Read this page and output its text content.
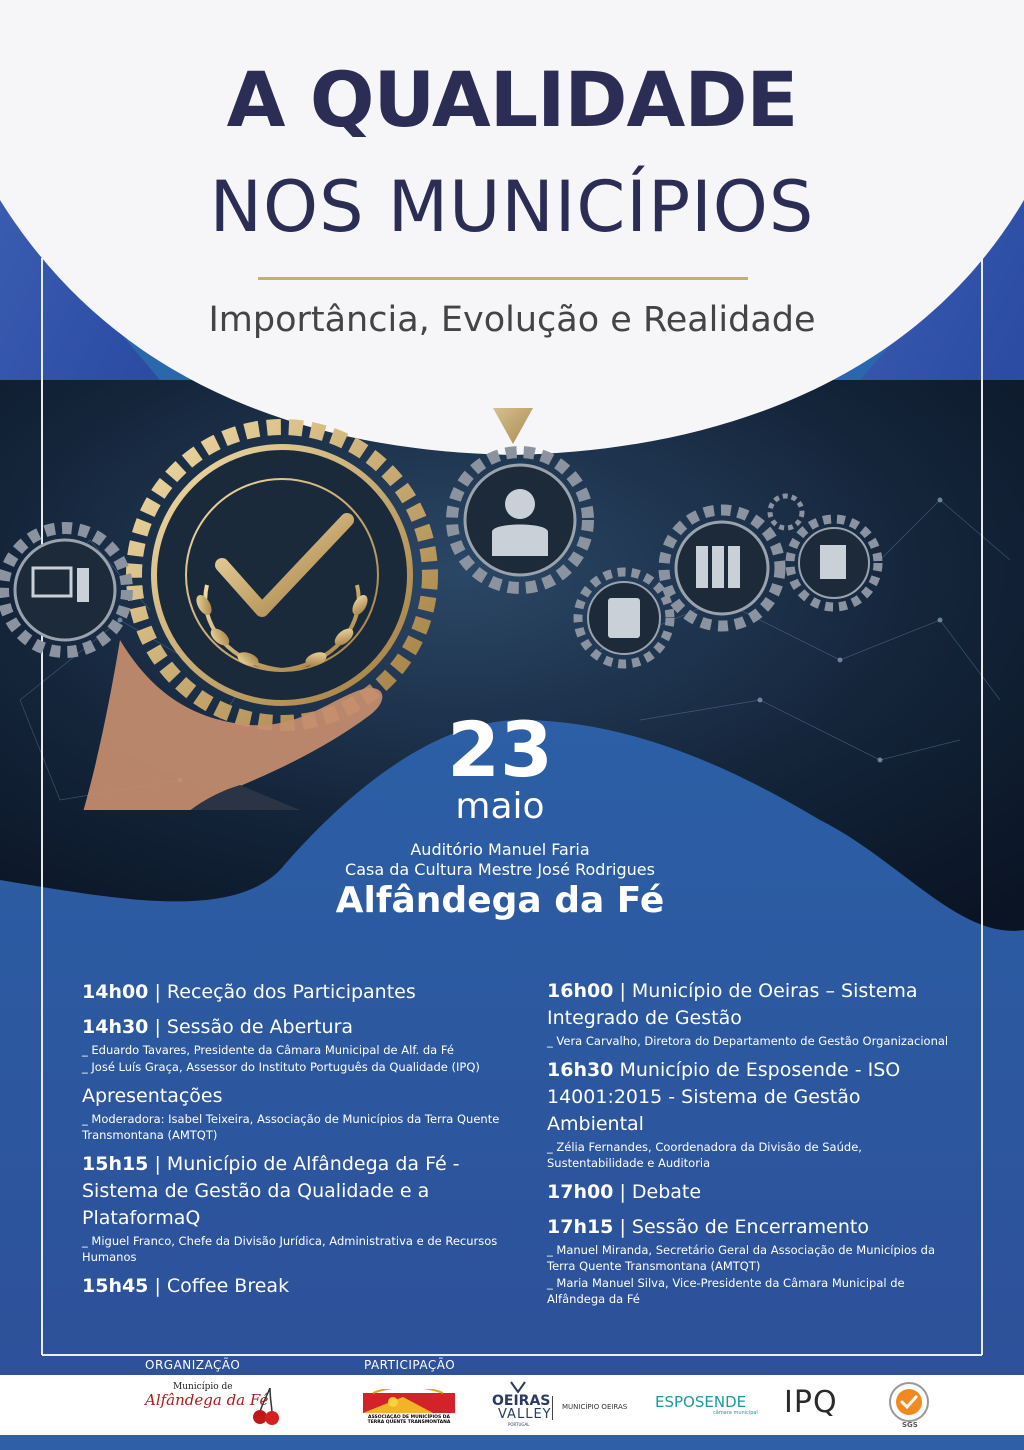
A QUALIDADE
NOS MUNICÍPIOS
Importância, Evolução e Realidade
23
maio
Auditório Manuel Faria
Casa da Cultura Mestre José Rodrigues
Alfândega da Fé
14h00 | Receção dos Participantes
14h30 | Sessão de Abertura
_ Eduardo Tavares, Presidente da Câmara Municipal de Alf. da Fé
_ José Luís Graça, Assessor do Instituto Português da Qualidade (IPQ)
Apresentações
_ Moderadora: Isabel Teixeira, Associação de Municípios da Terra Quente Transmontana (AMTQT)
15h15 | Município de Alfândega da Fé - Sistema de Gestão da Qualidade e a PlataformaQ
_ Miguel Franco, Chefe da Divisão Jurídica, Administrativa e de Recursos Humanos
15h45 | Coffee Break
16h00 | Município de Oeiras – Sistema Integrado de Gestão
_ Vera Carvalho, Diretora do Departamento de Gestão Organizacional
16h30 Município de Esposende - ISO 14001:2015 - Sistema de Gestão Ambiental
_ Zélia Fernandes, Coordenadora da Divisão de Saúde, Sustentabilidade e Auditoria
17h00 | Debate
17h15 | Sessão de Encerramento
_ Manuel Miranda, Secretário Geral da Associação de Municípios da Terra Quente Transmontana (AMTQT)
_ Maria Manuel Silva, Vice-Presidente da Câmara Municipal de Alfândega da Fé
ORGANIZAÇÃO	PARTICIPAÇÃO
Município de
Alfândega da Fé
ASSOCIAÇÃO DE MUNICÍPIOS DA TERRA QUENTE TRANSMONTANA
OEIRAS
VALLEY
PORTUGAL
MUNICÍPIO OEIRAS ESPOSENDE
câmara municipal IPQ
SGS
